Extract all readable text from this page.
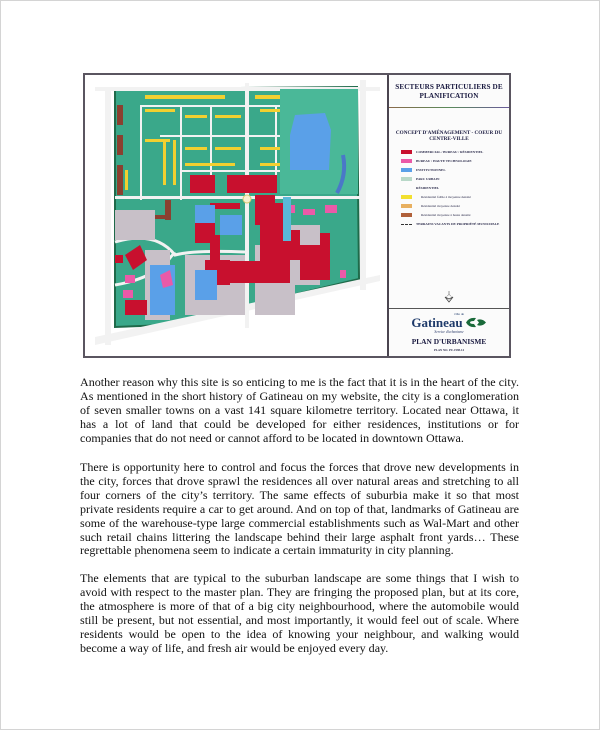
SECTEURS PARTICULIERS DE PLANIFICATION
CONCEPT D'AMÉNAGEMENT - COEUR DU CENTRE-VILLE
COMMERCIAL / BUREAU / RÉSIDENTIEL
BUREAU / HAUTE TECHNOLOGIE
INSTITUTIONNEL
PARC URBAIN
RÉSIDENTIEL
Résidentiel faible à moyenne densité
Résidentiel moyenne densité
Résidentiel moyenne à haute densité
TERRAINS VACANTS DE PROPRIÉTÉ MUNICIPALE
ville de
Gatineau
Service d'urbanisme
PLAN D'URBANISME
PLAN NO. PU-1998-14

Another reason why this site is so enticing to me is the fact that it is in the heart of the city. As mentioned in the short history of Gatineau on my website, the city is a conglomeration of seven smaller towns on a vast 141 square kilometre territory. Located near Ottawa, it has a lot of land that could be developed for either residences, institutions or for companies that do not need or cannot afford to be located in downtown Ottawa.

There is opportunity here to control and focus the forces that drove new developments in the city, forces that drove sprawl the residences all over natural areas and stretching to all four corners of the city’s territory. The same effects of suburbia make it so that most private residents require a car to get around. And on top of that, landmarks of Gatineau are some of the warehouse-type large commercial establishments such as Wal-Mart and other such retail chains littering the landscape behind their large asphalt front yards… These regrettable phenomena seem to indicate a certain immaturity in city planning.

The elements that are typical to the suburban landscape are some things that I wish to avoid with respect to the master plan. They are fringing the proposed plan, but at its core, the atmosphere is more of that of a big city neighbourhood, where the automobile would still be present, but not essential, and most importantly, it would feel out of scale. Where residents would be open to the idea of knowing your neighbour, and walking would become a way of life, and fresh air would be enjoyed every day.
